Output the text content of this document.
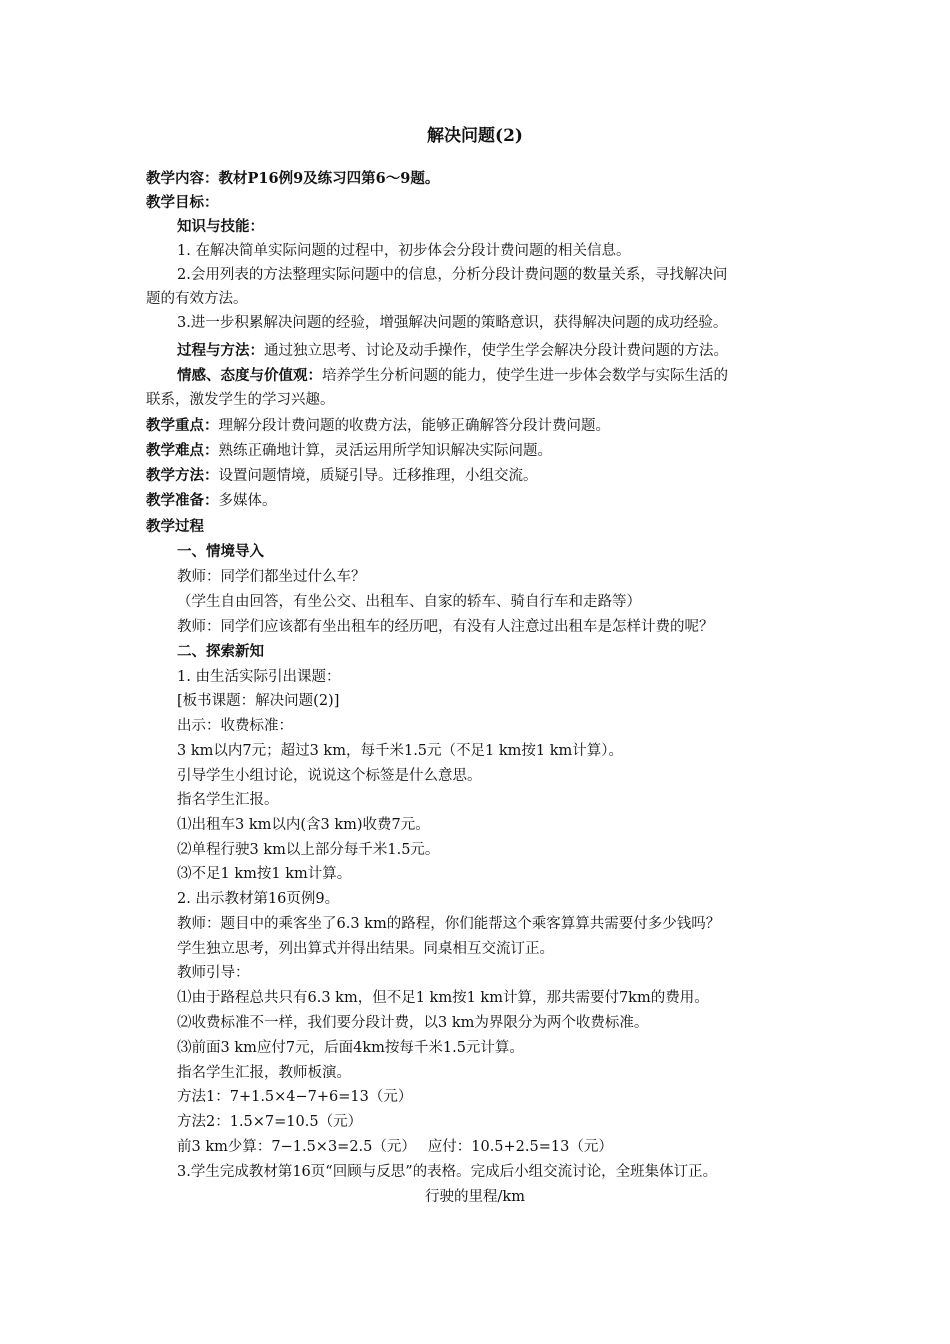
解决问题(2)
教学内容：教材P16例9及练习四第6～9题。
教学目标：
知识与技能：
1. 在解决简单实际问题的过程中，初步体会分段计费问题的相关信息。
2.会用列表的方法整理实际问题中的信息，分析分段计费问题的数量关系，寻找解决问
题的有效方法。
3.进一步积累解决问题的经验，增强解决问题的策略意识，获得解决问题的成功经验。
过程与方法：通过独立思考、讨论及动手操作，使学生学会解决分段计费问题的方法。
情感、态度与价值观：培养学生分析问题的能力，使学生进一步体会数学与实际生活的
联系，激发学生的学习兴趣。
教学重点：理解分段计费问题的收费方法，能够正确解答分段计费问题。
教学难点：熟练正确地计算，灵活运用所学知识解决实际问题。
教学方法：设置问题情境，质疑引导。迁移推理，小组交流。
教学准备：多媒体。
教学过程
一、情境导入
教师：同学们都坐过什么车？
（学生自由回答，有坐公交、出租车、自家的轿车、骑自行车和走路等）
教师：同学们应该都有坐出租车的经历吧，有没有人注意过出租车是怎样计费的呢？
二、探索新知
1. 由生活实际引出课题：
[板书课题：解决问题(2)]
出示：收费标准：
3 km以内7元；超过3 km，每千米1.5元（不足1 km按1 km计算）。
引导学生小组讨论，说说这个标签是什么意思。
指名学生汇报。
⑴出租车3 km以内(含3 km)收费7元。
⑵单程行驶3 km以上部分每千米1.5元。
⑶不足1 km按1 km计算。
2. 出示教材第16页例9。
教师：题目中的乘客坐了6.3 km的路程，你们能帮这个乘客算算共需要付多少钱吗？
学生独立思考，列出算式并得出结果。同桌相互交流订正。
教师引导：
⑴由于路程总共只有6.3 km，但不足1 km按1 km计算，那共需要付7km的费用。
⑵收费标准不一样，我们要分段计费，以3 km为界限分为两个收费标准。
⑶前面3 km应付7元，后面4km按每千米1.5元计算。
指名学生汇报，教师板演。
方法1：7+1.5×4−7+6=13（元）
方法2：1.5×7=10.5（元）
前3 km少算：7−1.5×3=2.5（元）　 应付：10.5+2.5=13（元）
3.学生完成教材第16页“回顾与反思”的表格。完成后小组交流讨论，全班集体订正。
行驶的里程/km
